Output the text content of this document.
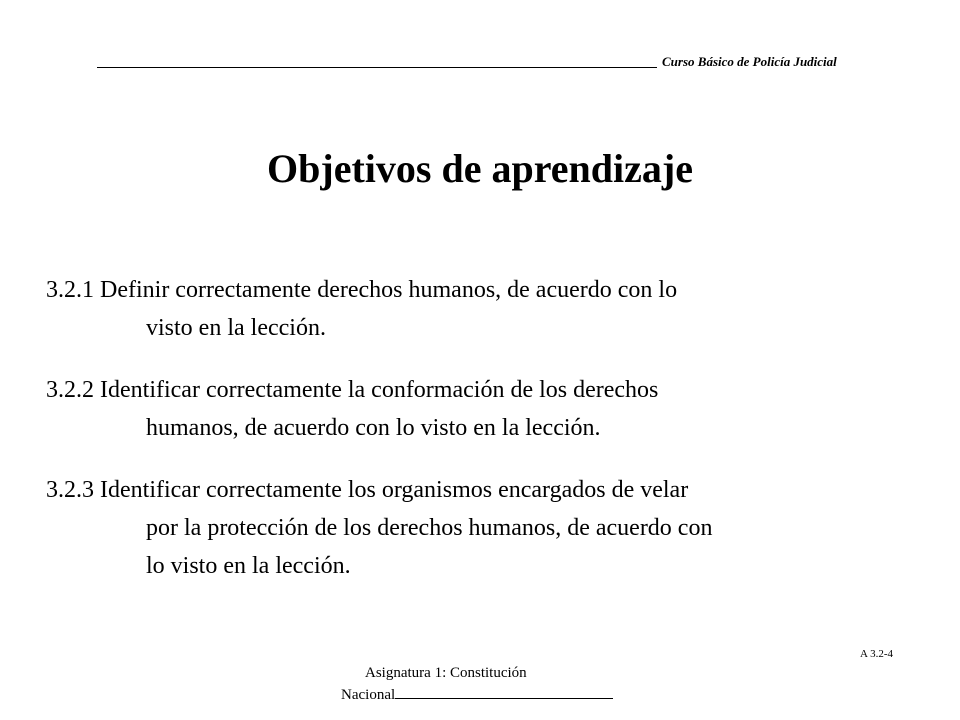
Curso Básico de Policía Judicial
Objetivos de aprendizaje
3.2.1 Definir correctamente derechos humanos, de acuerdo con lo
visto en la lección.
3.2.2 Identificar correctamente la conformación de los derechos
humanos, de acuerdo con lo visto en la lección.
3.2.3 Identificar correctamente los organismos encargados de velar
por la protección de los derechos humanos, de acuerdo con
lo visto en la lección.
A 3.2-4
Asignatura 1: Constitución
Nacional
